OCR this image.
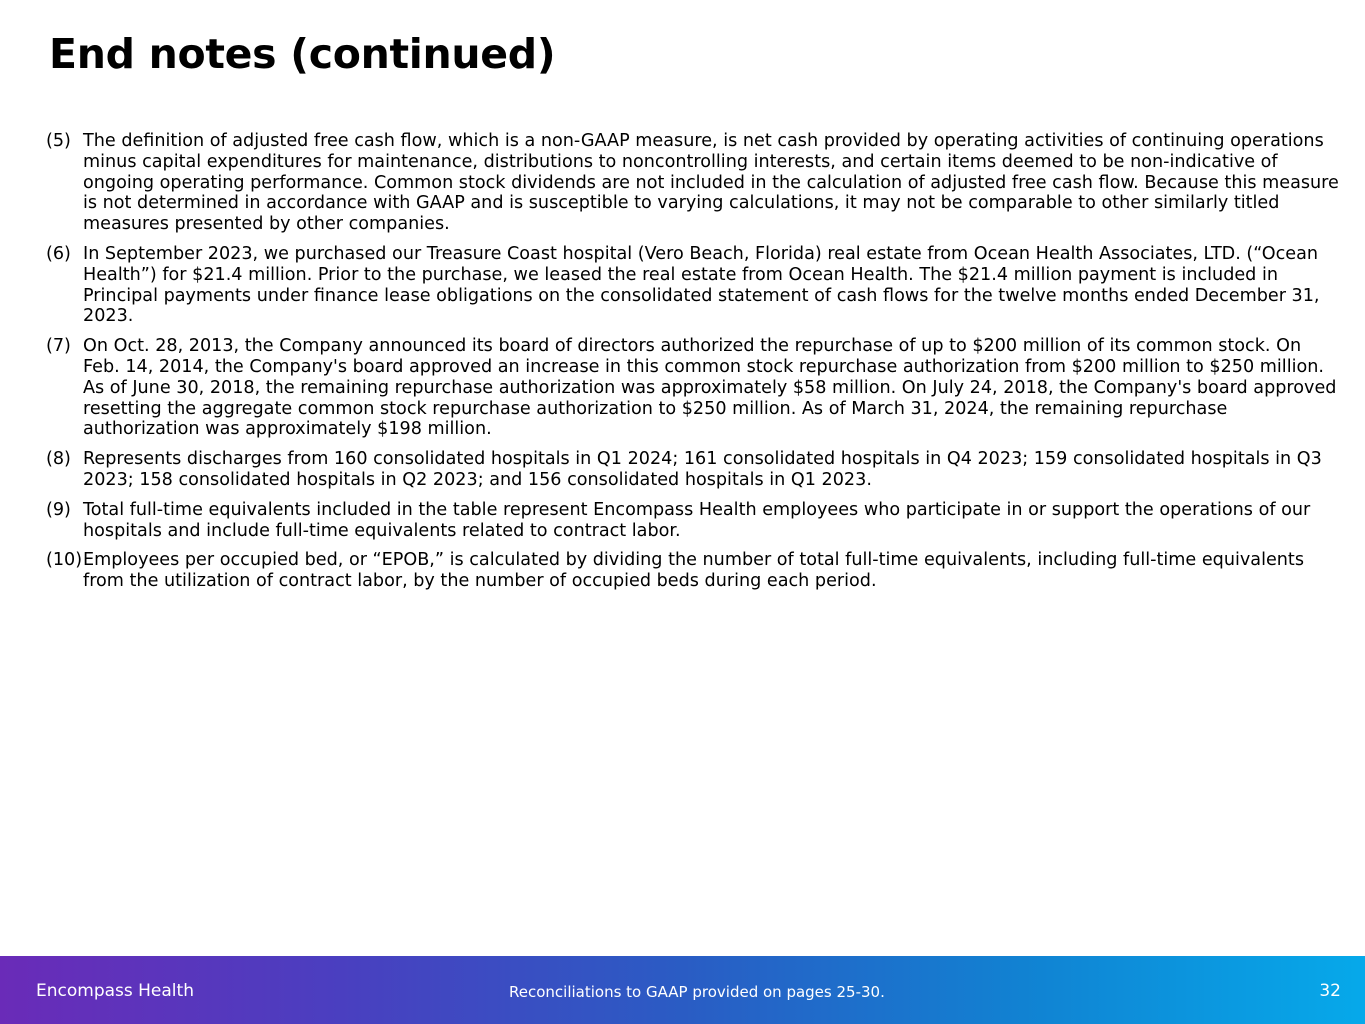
End notes (continued)
(5) The definition of adjusted free cash flow, which is a non-GAAP measure, is net cash provided by operating activities of continuing operations minus capital expenditures for maintenance, distributions to noncontrolling interests, and certain items deemed to be non-indicative of ongoing operating performance. Common stock dividends are not included in the calculation of adjusted free cash flow. Because this measure is not determined in accordance with GAAP and is susceptible to varying calculations, it may not be comparable to other similarly titled measures presented by other companies.
(6) In September 2023, we purchased our Treasure Coast hospital (Vero Beach, Florida) real estate from Ocean Health Associates, LTD. (“Ocean Health”) for $21.4 million. Prior to the purchase, we leased the real estate from Ocean Health. The $21.4 million payment is included in Principal payments under finance lease obligations on the consolidated statement of cash flows for the twelve months ended December 31, 2023.
(7) On Oct. 28, 2013, the Company announced its board of directors authorized the repurchase of up to $200 million of its common stock. On Feb. 14, 2014, the Company's board approved an increase in this common stock repurchase authorization from $200 million to $250 million. As of June 30, 2018, the remaining repurchase authorization was approximately $58 million. On July 24, 2018, the Company's board approved resetting the aggregate common stock repurchase authorization to $250 million. As of March 31, 2024, the remaining repurchase authorization was approximately $198 million.
(8) Represents discharges from 160 consolidated hospitals in Q1 2024; 161 consolidated hospitals in Q4 2023; 159 consolidated hospitals in Q3 2023; 158 consolidated hospitals in Q2 2023; and 156 consolidated hospitals in Q1 2023.
(9) Total full-time equivalents included in the table represent Encompass Health employees who participate in or support the operations of our hospitals and include full-time equivalents related to contract labor.
(10) Employees per occupied bed, or “EPOB,” is calculated by dividing the number of total full-time equivalents, including full-time equivalents from the utilization of contract labor, by the number of occupied beds during each period.
Encompass Health	Reconciliations to GAAP provided on pages 25-30.	32
